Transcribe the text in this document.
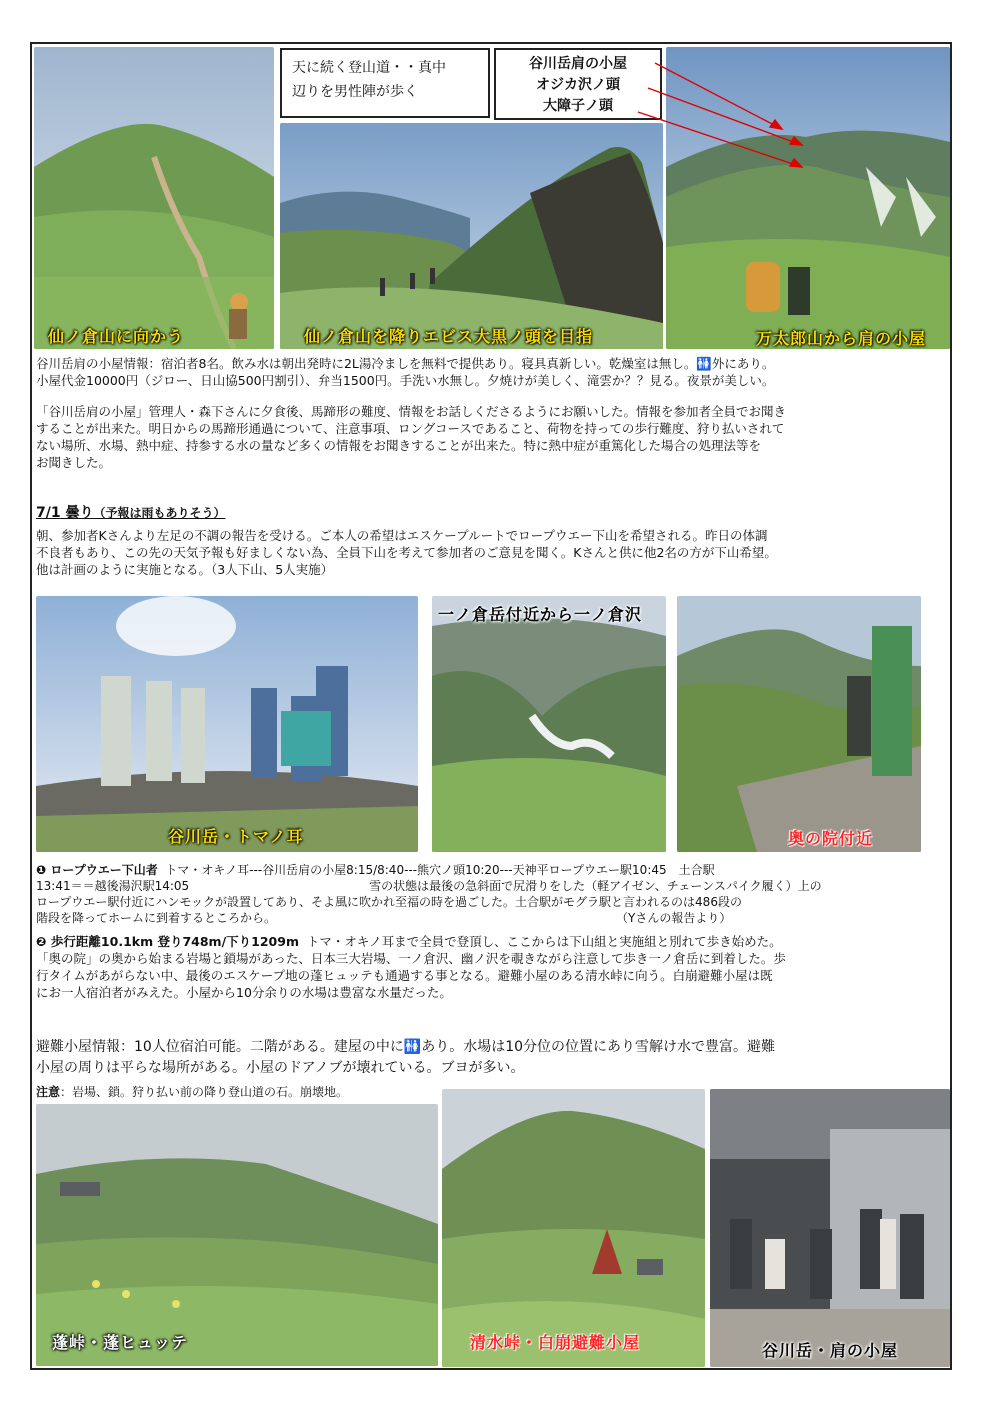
仙ノ倉山に向かう
天に続く登山道・・真中
辺りを男性陣が歩く
谷川岳肩の小屋
オジカ沢ノ頭
大障子ノ頭
仙ノ倉山を降りエビス大黒ノ頭を目指	万太郎山から肩の小屋

谷川岳肩の小屋情報：宿泊者8名。飲み水は朝出発時に2L湯冷ましを無料で提供あり。寝具真新しい。乾燥室は無し。🚻外にあり。

小屋代金10000円（ジロー、日山協500円割引）、弁当1500円。手洗い水無し。夕焼けが美しく、滝雲か？？見る。夜景が美しい。

「谷川岳肩の小屋」管理人・森下さんに夕食後、馬蹄形の難度、情報をお話しくださるようにお願いした。情報を参加者全員でお聞き

することが出来た。明日からの馬蹄形通過について、注意事項、ロングコースであること、荷物を持っての歩行難度、狩り払いされて

ない場所、水場、熱中症、持参する水の量など多くの情報をお聞きすることが出来た。特に熱中症が重篤化した場合の処理法等を

お聞きした。

7/1 曇り（予報は雨もありそう）

朝、参加者Kさんより左足の不調の報告を受ける。ご本人の希望はエスケープルートでロープウエー下山を希望される。昨日の体調

不良者もあり、この先の天気予報も好ましくない為、全員下山を考えて参加者のご意見を聞く。Kさんと供に他2名の方が下山希望。

他は計画のように実施となる。（3人下山、5人実施）

谷川岳・トマノ耳
一ノ倉岳付近から一ノ倉沢
奥の院付近

❶ ロープウエー下山者 トマ・オキノ耳---谷川岳肩の小屋8:15/8:40---熊穴ノ頭10:20---天神平ロープウエー駅10:45　土合駅

13:41＝＝越後湯沢駅14:05	雪の状態は最後の急斜面で尻滑りをした（軽アイゼン、チェーンスパイク履く）上の

ロープウエー駅付近にハンモックが設置してあり、そよ風に吹かれ至福の時を過ごした。土合駅がモグラ駅と言われるのは486段の

階段を降ってホームに到着するところから。	（Yさんの報告より）

❷ 歩行距離10.1km 登り748m/下り1209m トマ・オキノ耳まで全員で登頂し、ここからは下山組と実施組と別れて歩き始めた。

「奥の院」の奥から始まる岩場と鎖場があった、日本三大岩場、一ノ倉沢、幽ノ沢を覗きながら注意して歩き一ノ倉岳に到着した。歩

行タイムがあがらない中、最後のエスケープ地の蓬ヒュッテも通過する事となる。避難小屋のある清水峠に向う。白崩避難小屋は既

にお一人宿泊者がみえた。小屋から10分余りの水場は豊富な水量だった。

避難小屋情報：10人位宿泊可能。二階がある。建屋の中に🚻あり。水場は10分位の位置にあり雪解け水で豊富。避難

小屋の周りは平らな場所がある。小屋のドアノブが壊れている。ブヨが多い。

注意：岩場、鎖。狩り払い前の降り登山道の石。崩壊地。
蓬峠・蓬ヒュッテ	清水峠・白崩避難小屋	谷川岳・肩の小屋
